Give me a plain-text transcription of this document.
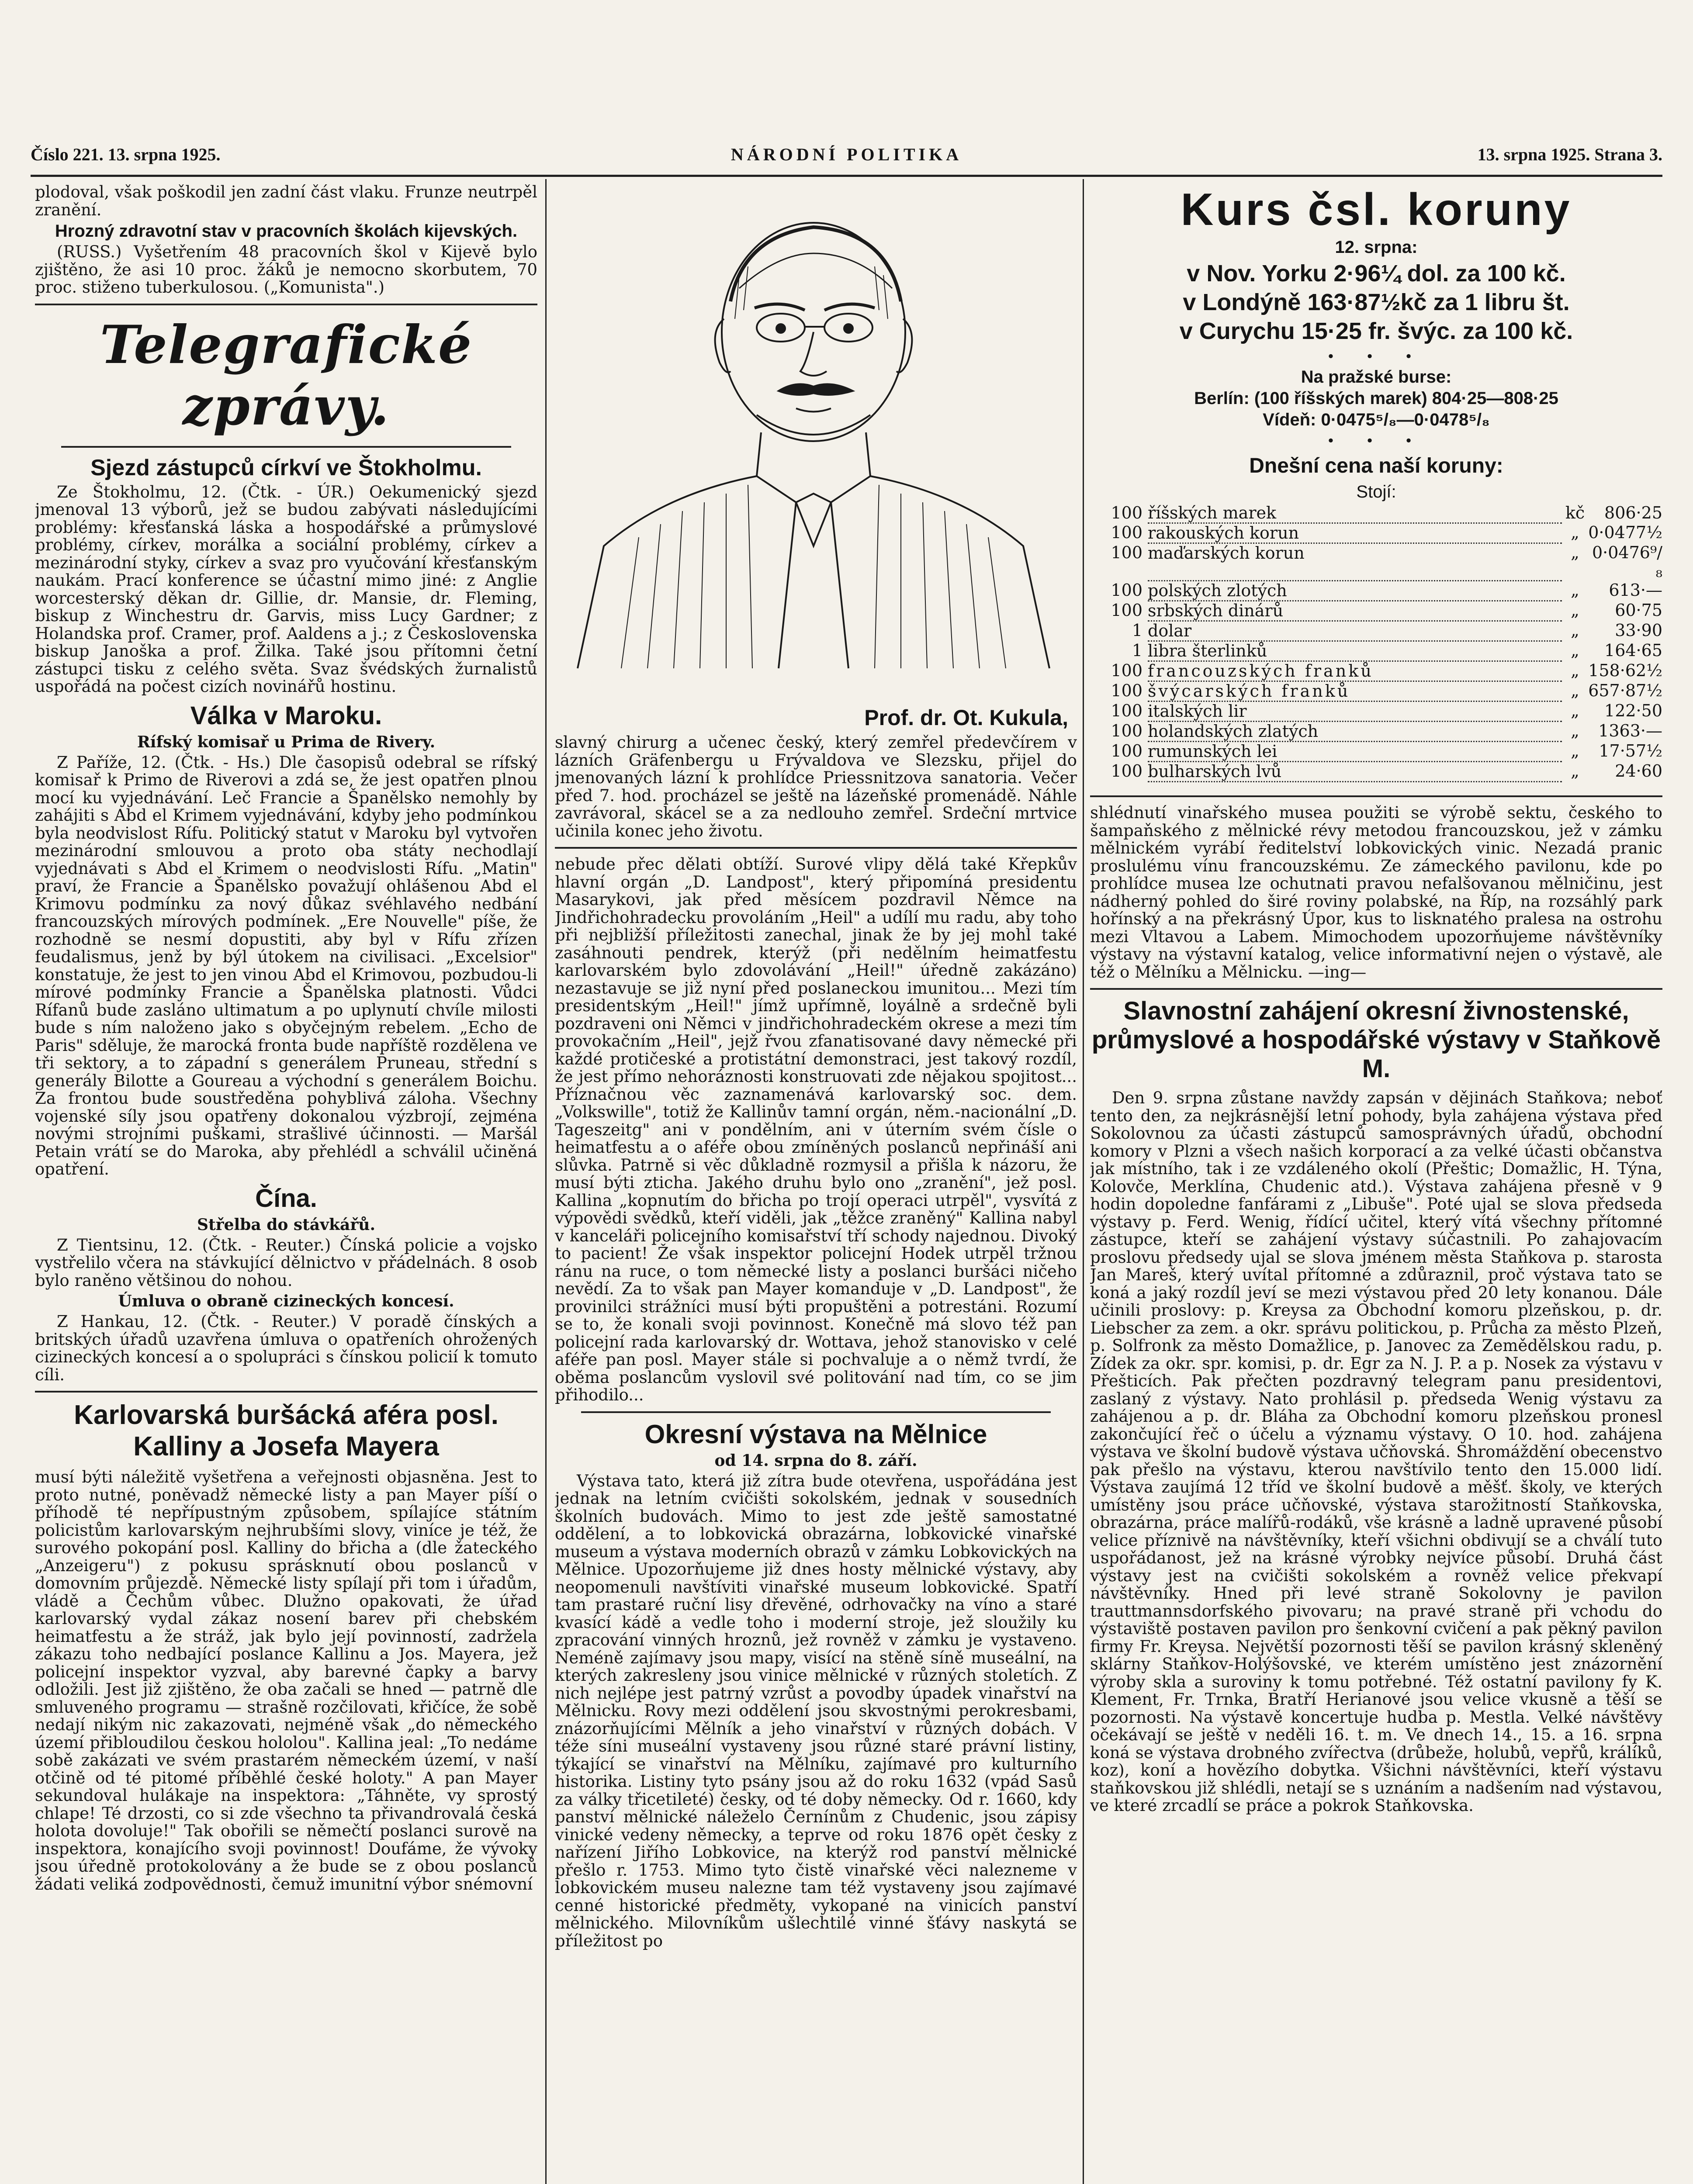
Číslo 221. 13. srpna 1925.	NÁRODNÍ POLITIKA	13. srpna 1925. Strana 3.

plodoval, však poškodil jen zadní část vlaku. Frunze neutrpěl zranění.

Hrozný zdravotní stav v pracovních školách kijevských.

(RUSS.) Vyšetřením 48 pracovních škol v Kijevě bylo zjištěno, že asi 10 proc. žáků je nemocno skorbutem, 70 proc. stiženo tuberkulosou. („Komunista".)

Telegrafické zprávy.

Sjezd zástupců církví ve Štokholmu.

Ze Štokholmu, 12. (Čtk. - ÚR.) Oekumenický sjezd jmenoval 13 výborů, jež se budou zabývati následujícími problémy: křesťanská láska a hospodářské a průmyslové problémy, církev, morálka a sociální problémy, církev a mezinárodní styky, církev a svaz pro vyučování křesťanským naukám. Prací konference se účastní mimo jiné: z Anglie worcesterský děkan dr. Gillie, dr. Mansie, dr. Fleming, biskup z Winchestru dr. Garvis, miss Lucy Gardner; z Holandska prof. Cramer, prof. Aaldens a j.; z Československa biskup Janoška a prof. Žilka. Také jsou přítomni četní zástupci tisku z celého světa. Svaz švédských žurnalistů uspořádá na počest cizích novinářů hostinu.

Válka v Maroku.

Rífský komisař u Prima de Rivery.

Z Paříže, 12. (Čtk. - Hs.) Dle časopisů odebral se rífský komisař k Primo de Riverovi a zdá se, že jest opatřen plnou mocí ku vyjednávání. Leč Francie a Španělsko nemohly by zahájiti s Abd el Krimem vyjednávání, kdyby jeho podmínkou byla neodvislost Rífu. Politický statut v Maroku byl vytvořen mezinárodní smlouvou a proto oba státy nechodlají vyjednávati s Abd el Krimem o neodvislosti Rífu. „Matin" praví, že Francie a Španělsko považují ohlášenou Abd el Krimovu podmínku za nový důkaz svéhlavého nedbání francouzských mírových podmínek. „Ere Nouvelle" píše, že rozhodně se nesmí dopustiti, aby byl v Rífu zřízen feudalismus, jenž by býl útokem na civilisaci. „Excelsior" konstatuje, že jest to jen vinou Abd el Krimovou, pozbudou-li mírové podmínky Francie a Španělska platnosti. Vůdci Rífanů bude zasláno ultimatum a po uplynutí chvíle milosti bude s ním naloženo jako s obyčejným rebelem. „Echo de Paris" sděluje, že marocká fronta bude napříště rozdělena ve tři sektory, a to západní s generálem Pruneau, střední s generály Bilotte a Goureau a východní s generálem Boichu. Za frontou bude soustředěna pohyblivá záloha. Všechny vojenské síly jsou opatřeny dokonalou výzbrojí, zejména novými strojními puškami, strašlivé účinnosti. — Maršál Petain vrátí se do Maroka, aby přehlédl a schválil učiněná opatření.

Čína.

Střelba do stávkářů.

Z Tientsinu, 12. (Čtk. - Reuter.) Čínská policie a vojsko vystřelilo včera na stávkující dělnictvo v přádelnách. 8 osob bylo raněno většinou do nohou.

Úmluva o obraně cizineckých koncesí.

Z Hankau, 12. (Čtk. - Reuter.) V poradě čínských a britských úřadů uzavřena úmluva o opatřeních ohrožených cizineckých koncesí a o spolupráci s čínskou policií k tomuto cíli.

Karlovarská buršácká aféra posl. Kalliny a Josefa Mayera

musí býti náležitě vyšetřena a veřejnosti objasněna. Jest to proto nutné, poněvadž německé listy a pan Mayer píší o příhodě té nepřípustným způsobem, spílajíce státním policistům karlovarským nejhrubšími slovy, viníce je též, že surového pokopání posl. Kalliny do břicha a (dle žateckého „Anzeigeru") z pokusu sprásknutí obou poslanců v domovním průjezdě. Německé listy spílají při tom i úřadům, vládě a Čechům vůbec. Dlužno opakovati, že úřad karlovarský vydal zákaz nosení barev při chebském heimatfestu a že stráž, jak bylo její povinností, zadržela zákazu toho nedbající poslance Kallinu a Jos. Mayera, jež policejní inspektor vyzval, aby barevné čapky a barvy odložili. Jest již zjištěno, že oba začali se hned — patrně dle smluveného programu — strašně rozčilovati, křičíce, že sobě nedají nikým nic zakazovati, nejméně však „do německého území přibloudilou českou hololou". Kallina jeal: „To nedáme sobě zakázati ve svém prastarém německém území, v naší otčině od té pitomé příběhlé české holoty." A pan Mayer sekundoval hulákaje na inspektora: „Táhněte, vy sprostý chlape! Té drzosti, co si zde všechno ta přivandrovalá česká holota dovoluje!" Tak obořili se němečtí poslanci surově na inspektora, konajícího svoji povinnost! Doufáme, že vývoky jsou úředně protokolovány a že bude se z obou poslanců žádati veliká zodpovědnosti, čemuž imunitní výbor snémovní

Prof. dr. Ot. Kukula,

slavný chirurg a učenec český, který zemřel předevčírem v lázních Gräfenbergu u Frývaldova ve Slezsku, přijel do jmenovaných lázní k prohlídce Priessnitzova sanatoria. Večer před 7. hod. procházel se ještě na lázeňské promenádě. Náhle zavrávoral, skácel se a za nedlouho zemřel. Srdeční mrtvice učinila konec jeho životu.

nebude přec dělati obtíží. Surové vlipy dělá také Křepkův hlavní orgán „D. Landpost", který připomíná presidentu Masarykovi, jak před měsícem pozdravil Němce na Jindřichohradecku provoláním „Heil" a udílí mu radu, aby toho při nejbližší příležitosti zanechal, jinak že by jej mohl také zasáhnouti pendrek, kterýž (při nedělním heimatfestu karlovarském bylo zdovolávání „Heil!" úředně zakázáno) nezastavuje se již nyní před poslaneckou imunitou... Mezi tím presidentským „Heil!" jímž upřímně, loyálně a srdečně byli pozdraveni oni Němci v jindřichohradeckém okrese a mezi tím provokačním „Heil", jejž řvou zfanatisované davy německé při každé protičeské a protistátní demonstraci, jest takový rozdíl, že jest přímo nehoráznosti konstruovati zde nějakou spojitost... Příznačnou věc zaznamenává karlovarský soc. dem. „Volkswille", totiž že Kallinův tamní orgán, něm.-nacionální „D. Tageszeitg" ani v pondělním, ani v úterním svém čísle o heimatfestu a o aféře obou zmíněných poslanců nepřináší ani slůvka. Patrně si věc důkladně rozmysil a přišla k názoru, že musí býti zticha. Jakého druhu bylo ono „zranění", jež posl. Kallina „kopnutím do břicha po trojí operaci utrpěl", vysvítá z výpovědi svědků, kteří viděli, jak „těžce zraněný" Kallina nabyl v kanceláři policejního komisařství tří schody najednou. Divoký to pacient! Že však inspektor policejní Hodek utrpěl tržnou ránu na ruce, o tom německé listy a poslanci buršáci ničeho nevědí. Za to však pan Mayer komanduje v „D. Landpost", že provinilci strážníci musí býti propuštěni a potrestáni. Rozumí se to, že konali svoji povinnost. Konečně má slovo též pan policejní rada karlovarský dr. Wottava, jehož stanovisko v celé aféře pan posl. Mayer stále si pochvaluje a o němž tvrdí, že oběma poslancům vyslovil své politování nad tím, co se jim přihodilo...

Okresní výstava na Mělnice

od 14. srpna do 8. září.

Výstava tato, která již zítra bude otevřena, uspořádána jest jednak na letním cvičišti sokolském, jednak v sousedních školních budovách. Mimo to jest zde ještě samostatné oddělení, a to lobkovická obrazárna, lobkovické vinařské museum a výstava moderních obrazů v zámku Lobkovických na Mělnice. Upozorňujeme již dnes hosty mělnické výstavy, aby neopomenuli navštíviti vinařské museum lobkovické. Spatří tam prastaré ruční lisy dřevěné, odrhovačky na víno a staré kvasící kádě a vedle toho i moderní stroje, jež sloužily ku zpracování vinných hroznů, jež rovněž v zámku je vystaveno. Neméně zajímavy jsou mapy, visící na stěně síně museální, na kterých zakresleny jsou vinice mělnické v různých stoletích. Z nich nejlépe jest patrný vzrůst a povodby úpadek vinařství na Mělnicku. Rovy mezi oddělení jsou skvostnými perokresbami, znázorňujícími Mělník a jeho vinařství v různých dobách. V téže síni museální vystaveny jsou různé staré právní listiny, týkající se vinařství na Mělníku, zajímavé pro kulturního historika. Listiny tyto psány jsou až do roku 1632 (vpád Sasů za války třicetileté) česky, od té doby německy. Od r. 1660, kdy panství mělnické náleželo Černínům z Chudenic, jsou zápisy vinické vedeny německy, a teprve od roku 1876 opět česky z nařízení Jiřího Lobkovice, na kterýž rod panství mělnické přešlo r. 1753. Mimo tyto čistě vinařské věci nalezneme v lobkovickém museu nalezne tam též vystaveny jsou zajímavé cenné historické předměty, vykopané na vinicích panství mělnického. Milovníkům ušlechtilé vinné šťávy naskytá se příležitost po

Kurs čsl. koruny

12. srpna:

v Nov. Yorku 2·96¼ dol. za 100 kč.

v Londýně 163·87½kč za 1 libru št.

v Curychu 15·25 fr. švýc. za 100 kč.

• • •

Na pražské burse:

Berlín: (100 říšských marek) 804·25—808·25

Vídeň: 0·0475⁵/₈—0·0478⁵/₈

• • •

Dnešní cena naší koruny:

Stojí:

100	říšských marek	kč	806·25
100	rakouských korun	„	0·0477½
100	maďarských korun	„	0·0476⁹/₈
100	polských zlotých	„	613·—
100	srbských dinárů	„	60·75
1	dolar	„	33·90
1	libra šterlinků	„	164·65
100	francouzských franků	„	158·62½
100	švýcarských franků	„	657·87½
100	italských lir	„	122·50
100	holandských zlatých	„	1363·—
100	rumunských lei	„	17·57½
100	bulharských lvů	„	24·60

shlédnutí vinařského musea použiti se výrobě sektu, českého to šampaňského z mělnické révy metodou francouzskou, jež v zámku mělnickém vyrábí ředitelství lobkovických vinic. Nezadá pranic proslulému vínu francouzskému. Ze zámeckého pavilonu, kde po prohlídce musea lze ochutnati pravou nefalšovanou mělničinu, jest nádherný pohled do širé roviny polabské, na Říp, na rozsáhlý park hořínský a na překrásný Úpor, kus to lisknatého pralesa na ostrohu mezi Vltavou a Labem. Mimochodem upozorňujeme návštěvníky výstavy na výstavní katalog, velice informativní nejen o výstavě, ale též o Mělníku a Mělnicku. —ing—

Slavnostní zahájení okresní živnostenské, průmyslové a hospodářské výstavy v Staňkově M.

Den 9. srpna zůstane navždy zapsán v dějinách Staňkova; neboť tento den, za nejkrásnější letní pohody, byla zahájena výstava před Sokolovnou za účasti zástupců samosprávných úřadů, obchodní komory v Plzni a všech našich korporací a za velké účasti občanstva jak místního, tak i ze vzdáleného okolí (Přeštic; Domažlic, H. Týna, Kolovče, Merklína, Chudenic atd.). Výstava zahájena přesně v 9 hodin dopoledne fanfárami z „Libuše". Poté ujal se slova předseda výstavy p. Ferd. Wenig, řídící učitel, který vítá všechny přítomné zástupce, kteří se zahájení výstavy súčastnili. Po zahajovacím proslovu předsedy ujal se slova jménem města Staňkova p. starosta Jan Mareš, který uvítal přítomné a zdůraznil, proč výstava tato se koná a jaký rozdíl jeví se mezi výstavou před 20 lety konanou. Dále učinili proslovy: p. Kreysa za Obchodní komoru plzeňskou, p. dr. Liebscher za zem. a okr. správu politickou, p. Průcha za město Plzeň, p. Solfronk za město Domažlice, p. Janovec za Zemědělskou radu, p. Zídek za okr. spr. komisi, p. dr. Egr za N. J. P. a p. Nosek za výstavu v Přešticích. Pak přečten pozdravný telegram panu presidentovi, zaslaný z výstavy. Nato prohlásil p. předseda Wenig výstavu za zahájenou a p. dr. Bláha za Obchodní komoru plzeňskou pronesl zakončující řeč o účelu a významu výstavy. O 10. hod. zahájena výstava ve školní budově výstava učňovská. Shromáždění obecenstvo pak přešlo na výstavu, kterou navštívilo tento den 15.000 lidí. Výstava zaujímá 12 tříd ve školní budově a měšť. školy, ve kterých umístěny jsou práce učňovské, výstava starožitností Staňkovska, obrazárna, práce malířů-rodáků, vše krásně a ladně upravené působí velice příznivě na návštěvníky, kteří všichni obdivují se a chválí tuto uspořádanost, jež na krásné výrobky nejvíce působí. Druhá část výstavy jest na cvičišti sokolském a rovněž velice překvapí návštěvníky. Hned při levé straně Sokolovny je pavilon trauttmannsdorfského pivovaru; na pravé straně při vchodu do výstaviště postaven pavilon pro šenkovní cvičení a pak pěkný pavilon firmy Fr. Kreysa. Největší pozornosti těší se pavilon krásný skleněný sklárny Staňkov-Holýšovské, ve kterém umístěno jest znázornění výroby skla a suroviny k tomu potřebné. Též ostatní pavilony fy K. Klement, Fr. Trnka, Bratří Herianové jsou velice vkusně a těší se pozornosti. Na výstavě koncertuje hudba p. Mestla. Velké návštěvy očekávají se ještě v neděli 16. t. m. Ve dnech 14., 15. a 16. srpna koná se výstava drobného zvířectva (drůbeže, holubů, vepřů, králíků, koz), koní a hovězího dobytka. Všichni návštěvníci, kteří výstavu staňkovskou již shlédli, netají se s uznáním a nadšením nad výstavou, ve které zrcadlí se práce a pokrok Staňkovska.
